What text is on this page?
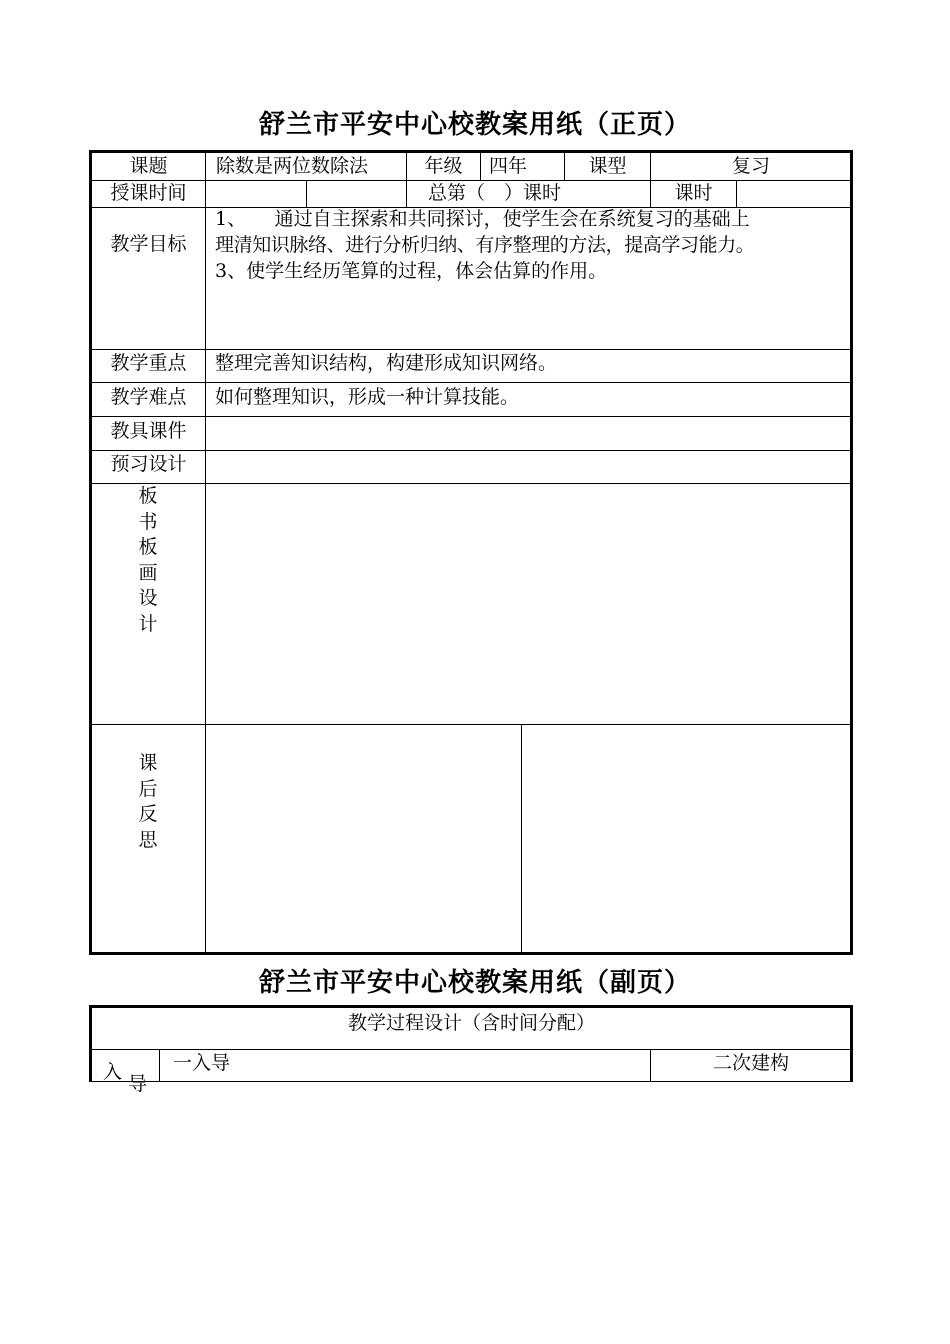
舒兰市平安中心校教案用纸（正页）
课题	除数是两位数除法	年级	四年	课型	复习
授课时间	总第（　）课时	课时
教学目标
1、　　通过自主探索和共同探讨，使学生会在系统复习的基础上
理清知识脉络、进行分析归纳、有序整理的方法，提高学习能力。
3、使学生经历笔算的过程，体会估算的作用。
教学重点	整理完善知识结构，构建形成知识网络。
教学难点	如何整理知识，形成一种计算技能。
教具课件
预习设计
板
书
板
画
设
计
课
后
反
思
舒兰市平安中心校教案用纸（副页）
教学过程设计（含时间分配）
入
导
一入导	二次建构
